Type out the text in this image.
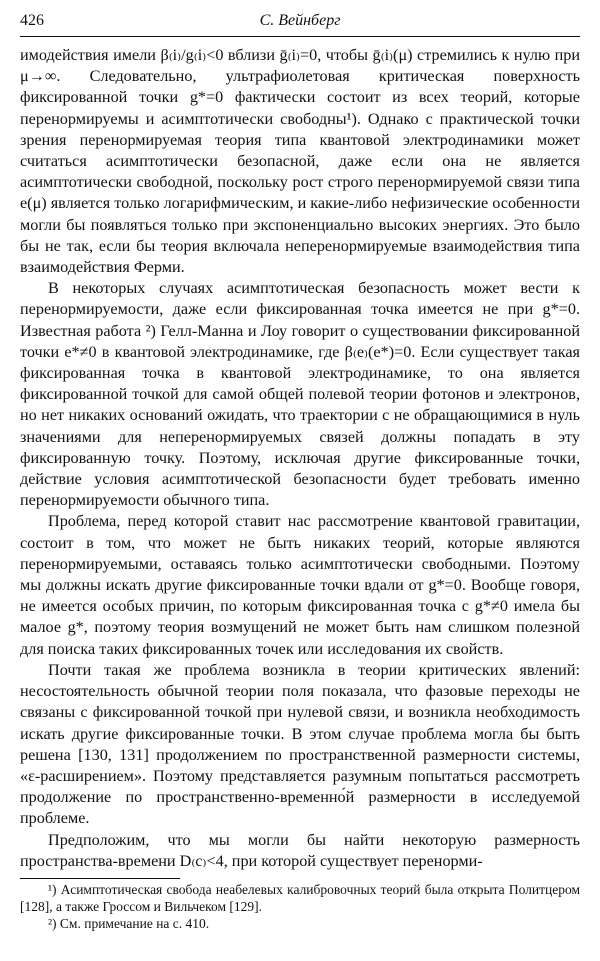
426	С. Вейнберг

имодействия имели β₍i₎/g₍i₎<0 вблизи ḡ₍i₎=0, чтобы ḡ₍i₎(μ) стремились к нулю при μ→∞. Следовательно, ультрафиолетовая критическая поверхность фиксированной точки g*=0 фактически состоит из всех теорий, которые перенормируемы и асимптотически свободны¹). Однако с практической точки зрения перенормируемая теория типа квантовой электродинамики может считаться асимптотически безопасной, даже если она не является асимптотически свободной, поскольку рост строго перенормируемой связи типа e(μ) является только логарифмическим, и какие-либо нефизические особенности могли бы появляться только при экспоненциально высоких энергиях. Это было бы не так, если бы теория включала неперенормируемые взаимодействия типа взаимодействия Ферми.

В некоторых случаях асимптотическая безопасность может вести к перенормируемости, даже если фиксированная точка имеется не при g*=0. Известная работа ²) Гелл-Манна и Лоу говорит о существовании фиксированной точки e*≠0 в квантовой электродинамике, где β₍e₎(e*)=0. Если существует такая фиксированная точка в квантовой электродинамике, то она является фиксированной точкой для самой общей полевой теории фотонов и электронов, но нет никаких оснований ожидать, что траектории с не обращающимися в нуль значениями для неперенормируемых связей должны попадать в эту фиксированную точку. Поэтому, исключая другие фиксированные точки, действие условия асимптотической безопасности будет требовать именно перенормируемости обычного типа.

Проблема, перед которой ставит нас рассмотрение квантовой гравитации, состоит в том, что может не быть никаких теорий, которые являются перенормируемыми, оставаясь только асимптотически свободными. Поэтому мы должны искать другие фиксированные точки вдали от g*=0. Вообще говоря, не имеется особых причин, по которым фиксированная точка с g*≠0 имела бы малое g*, поэтому теория возмущений не может быть нам слишком полезной для поиска таких фиксированных точек или исследования их свойств.

Почти такая же проблема возникла в теории критических явлений: несостоятельность обычной теории поля показала, что фазовые переходы не связаны с фиксированной точкой при нулевой связи, и возникла необходимость искать другие фиксированные точки. В этом случае проблема могла бы быть решена [130, 131] продолжением по пространственной размерности системы, «ε-расширением». Поэтому представляется разумным попытаться рассмотреть продолжение по пространственно-временно́й размерности в исследуемой проблеме.

Предположим, что мы могли бы найти некоторую размерность пространства-времени D₍c₎<4, при которой существует перенорми-

¹) Асимптотическая свобода неабелевых калибровочных теорий была открыта Политцером [128], а также Гроссом и Вильчеком [129].

²) См. примечание на с. 410.
